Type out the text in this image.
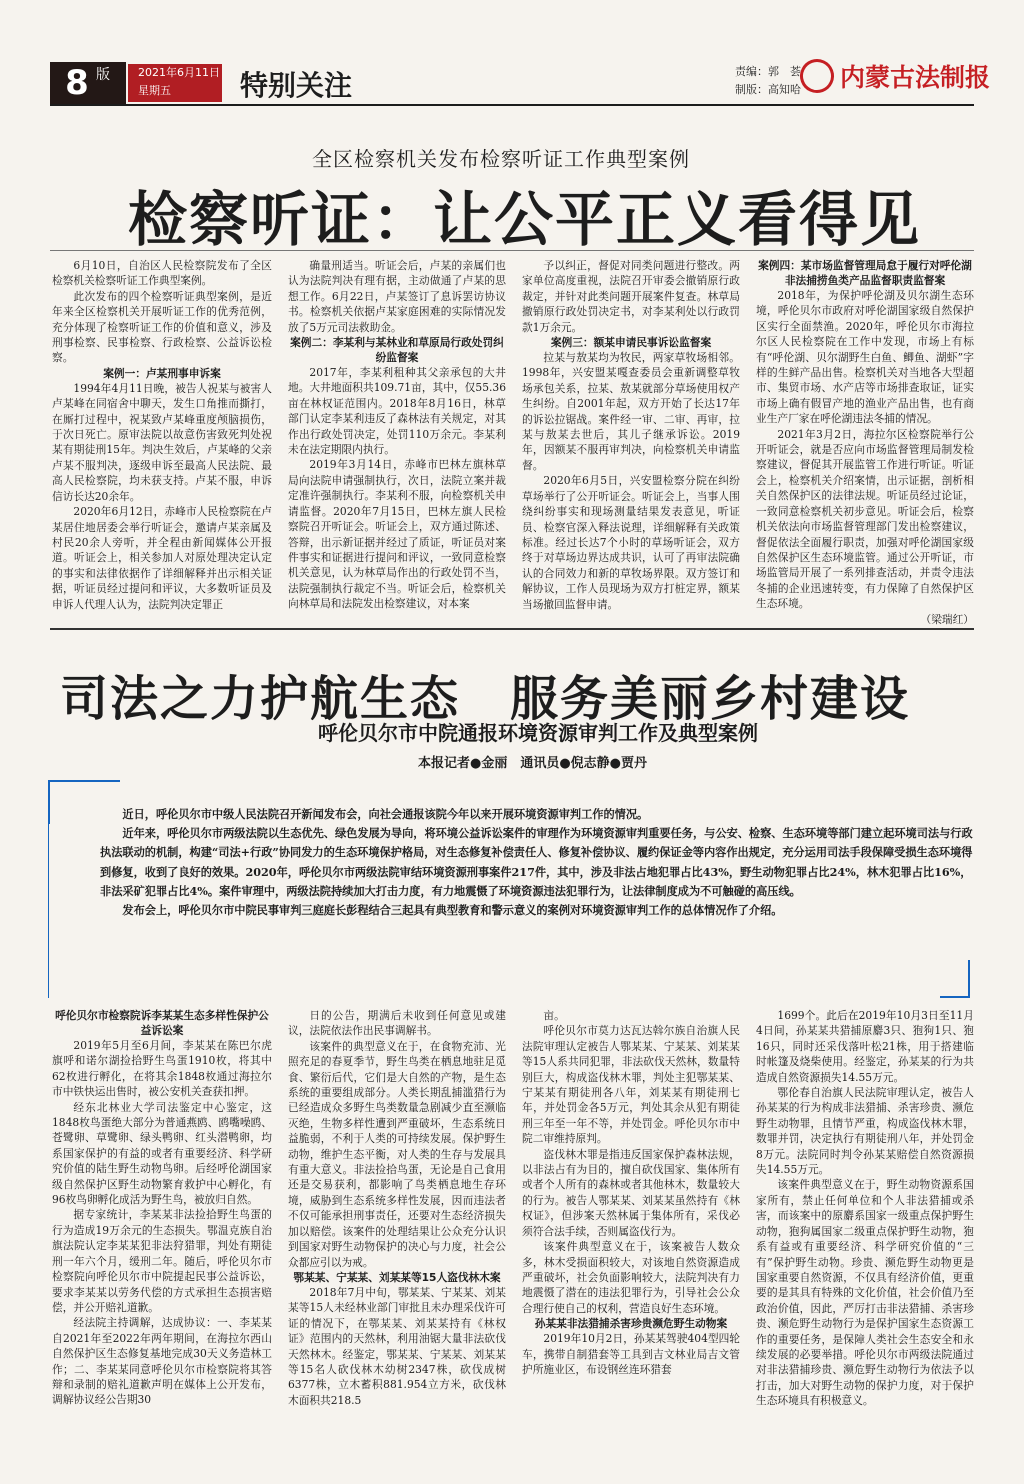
8 版	2021年6月11日
星期五	特别关注	责编：郭　荟
制版：高知哈 内蒙古法制报
全区检察机关发布检察听证工作典型案例
检察听证：让公平正义看得见

6月10日，自治区人民检察院发布了全区检察机关检察听证工作典型案例。

此次发布的四个检察听证典型案例，是近年来全区检察机关开展听证工作的优秀范例，充分体现了检察听证工作的价值和意义，涉及刑事检察、民事检察、行政检察、公益诉讼检察。

案例一：卢某刑事申诉案

1994年4月11日晚，被告人祝某与被害人卢某峰在同宿舍中聊天，发生口角推而撕打，在厮打过程中，祝某致卢某峰重度颅脑损伤，于次日死亡。原审法院以故意伤害致死判处祝某有期徒刑15年。判决生效后，卢某峰的父亲卢某不服判决，逐级申诉至最高人民法院、最高人民检察院，均未获支持。卢某不服，申诉信访长达20余年。

2020年6月12日，赤峰市人民检察院在卢某居住地居委会举行听证会，邀请卢某亲属及村民20余人旁听，并全程由新闻媒体公开报道。听证会上，相关参加人对原处理决定认定的事实和法律依据作了详细解释并出示相关证据，听证员经过提问和评议，大多数听证员及申诉人代理人认为，法院判决定罪正

确量刑适当。听证会后，卢某的亲属们也认为法院判决有理有据，主动做通了卢某的思想工作。6月22日，卢某签订了息诉罢访协议书。检察机关依据卢某家庭困难的实际情况发放了5万元司法救助金。

案例二：李某利与某林业和草原局行政处罚纠纷监督案

2017年，李某利租种其父亲承包的大井地。大井地面积共109.71亩，其中，仅55.36亩在林权证范围内。2018年8月16日，林草部门认定李某利违反了森林法有关规定，对其作出行政处罚决定，处罚110万余元。李某利未在法定期限内执行。

2019年3月14日，赤峰市巴林左旗林草局向法院申请强制执行，次日，法院立案并裁定准许强制执行。李某利不服，向检察机关申请监督。2020年7月15日，巴林左旗人民检察院召开听证会。听证会上，双方通过陈述、答辩，出示新证据并经过了质证，听证员对案件事实和证据进行提问和评议，一致同意检察机关意见，认为林草局作出的行政处罚不当，法院强制执行裁定不当。听证会后，检察机关向林草局和法院发出检察建议，对本案

予以纠正，督促对同类问题进行整改。两家单位高度重视，法院召开审委会撤销原行政裁定，并针对此类问题开展案件复查。林草局撤销原行政处罚决定书，对李某利处以行政罚款1万余元。

案例三：额某申请民事诉讼监督案

拉某与敖某均为牧民，两家草牧场相邻。1998年，兴安盟某嘎查委员会重新调整草牧场承包关系，拉某、敖某就部分草场使用权产生纠纷。自2001年起，双方开始了长达17年的诉讼拉锯战。案件经一审、二审、再审，拉某与敖某去世后，其儿子继承诉讼。2019年，因额某不服再审判决，向检察机关申请监督。

2020年6月5日，兴安盟检察分院在纠纷草场举行了公开听证会。听证会上，当事人围绕纠纷事实和现场测量结果发表意见，听证员、检察官深入释法说理，详细解释有关政策标准。经过长达7个小时的草场听证会，双方终于对草场边界达成共识，认可了再审法院确认的合同效力和新的草牧场界限。双方签订和解协议，工作人员现场为双方打桩定界，额某当场撤回监督申请。

案例四：某市场监督管理局怠于履行对呼伦湖非法捕捞鱼类产品监督职责监督案

2018年，为保护呼伦湖及贝尔湖生态环境，呼伦贝尔市政府对呼伦湖国家级自然保护区实行全面禁渔。2020年，呼伦贝尔市海拉尔区人民检察院在工作中发现，市场上有标有“呼伦湖、贝尔湖野生白鱼、鲫鱼、湖虾”字样的生鲜产品出售。检察机关对当地各大型超市、集贸市场、水产店等市场排查取证，证实市场上确有假冒产地的渔业产品出售，也有商业生产厂家在呼伦湖违法冬捕的情况。

2021年3月2日，海拉尔区检察院举行公开听证会，就是否应向市场监督管理局制发检察建议，督促其开展监管工作进行听证。听证会上，检察机关介绍案情，出示证据，剖析相关自然保护区的法律法规。听证员经过论证，一致同意检察机关初步意见。听证会后，检察机关依法向市场监督管理部门发出检察建议，督促依法全面履行职责，加强对呼伦湖国家级自然保护区生态环境监管。通过公开听证，市场监管局开展了一系列排查活动，并责令违法冬捕的企业迅速转变，有力保障了自然保护区生态环境。

（梁瑞红）

司法之力护航生态　服务美丽乡村建设
呼伦贝尔市中院通报环境资源审判工作及典型案例
本报记者●金丽　通讯员●倪志静●贾丹

近日，呼伦贝尔市中级人民法院召开新闻发布会，向社会通报该院今年以来开展环境资源审判工作的情况。

近年来，呼伦贝尔市两级法院以生态优先、绿色发展为导向，将环境公益诉讼案件的审理作为环境资源审判重要任务，与公安、检察、生态环境等部门建立起环境司法与行政执法联动的机制，构建“司法+行政”协同发力的生态环境保护格局，对生态修复补偿责任人、修复补偿协议、履约保证金等内容作出规定，充分运用司法手段保障受损生态环境得到修复，收到了良好的效果。2020年，呼伦贝尔市两级法院审结环境资源刑事案件217件，其中，涉及非法占地犯罪占比43%，野生动物犯罪占比24%，林木犯罪占比16%，非法采矿犯罪占比4%。案件审理中，两级法院持续加大打击力度，有力地震慑了环境资源违法犯罪行为，让法律制度成为不可触碰的高压线。

发布会上，呼伦贝尔市中院民事审判三庭庭长彭程结合三起具有典型教育和警示意义的案例对环境资源审判工作的总体情况作了介绍。

呼伦贝尔市检察院诉李某某生态多样性保护公益诉讼案

2019年5月至6月间，李某某在陈巴尔虎旗呼和诺尔湖捡拾野生鸟蛋1910枚，将其中62枚进行孵化，在将其余1848枚通过海拉尔市中铁快运出售时，被公安机关查获扣押。

经东北林业大学司法鉴定中心鉴定，这1848枚鸟蛋绝大部分为普通燕鸥、鸥嘴噪鸥、苍鹭卵、草鹭卵、绿头鸭卵、红头潜鸭卵，均系国家保护的有益的或者有重要经济、科学研究价值的陆生野生动物鸟卵。后经呼伦湖国家级自然保护区野生动物繁育救护中心孵化，有96枚鸟卵孵化成活为野生鸟，被放归自然。

据专家统计，李某某非法捡拾野生鸟蛋的行为造成19万余元的生态损失。鄂温克族自治旗法院认定李某某犯非法狩猎罪，判处有期徒刑一年六个月，缓刑二年。随后，呼伦贝尔市检察院向呼伦贝尔市中院提起民事公益诉讼，要求李某某以劳务代偿的方式承担生态损害赔偿，并公开赔礼道歉。

经法院主持调解，达成协议：一、李某某自2021年至2022年两年期间，在海拉尔西山自然保护区生态修复基地完成30天义务造林工作；二、李某某同意呼伦贝尔市检察院将其答辩和录制的赔礼道歉声明在媒体上公开发布，调解协议经公告期30

日的公告，期满后未收到任何意见或建议，法院依法作出民事调解书。

该案件的典型意义在于，在食物充沛、光照充足的春夏季节，野生鸟类在栖息地驻足觅食、繁衍后代，它们是大自然的产物，是生态系统的重要组成部分。人类长期乱捕滥猎行为已经造成众多野生鸟类数量急剧减少直至濒临灭绝，生物多样性遭到严重破坏，生态系统日益脆弱，不利于人类的可持续发展。保护野生动物，维护生态平衡，对人类的生存与发展具有重大意义。非法捡拾鸟蛋，无论是自己食用还是交易获利，都影响了鸟类栖息地生存环境，威胁到生态系统多样性发展，因而违法者不仅可能承担刑事责任，还要对生态经济损失加以赔偿。该案件的处理结果让公众充分认识到国家对野生动物保护的决心与力度，社会公众都应引以为戒。

鄂某某、宁某某、刘某某等15人盗伐林木案

2018年7月中旬，鄂某某、宁某某、刘某某等15人未经林业部门审批且未办理采伐许可证的情况下，在鄂某某、刘某某持有《林权证》范围内的天然林，利用油锯大量非法砍伐天然林木。经鉴定，鄂某某、宁某某、刘某某等15名人砍伐林木幼树2347株，砍伐成树6377株，立木蓄积881.954立方米，砍伐林木面积共218.5

亩。

呼伦贝尔市莫力达瓦达斡尔族自治旗人民法院审理认定被告人鄂某某、宁某某、刘某某等15人系共同犯罪，非法砍伐天然林，数量特别巨大，构成盗伐林木罪，判处主犯鄂某某、宁某某有期徒刑各八年，刘某某有期徒刑七年，并处罚金各5万元，判处其余从犯有期徒刑三年至一年不等，并处罚金。呼伦贝尔市中院二审维持原判。

盗伐林木罪是指违反国家保护森林法规，以非法占有为目的，擅自砍伐国家、集体所有或者个人所有的森林或者其他林木，数量较大的行为。被告人鄂某某、刘某某虽然持有《林权证》，但涉案天然林属于集体所有，采伐必须符合法手续，否则属盗伐行为。

该案件典型意义在于，该案被告人数众多，林木受损面积较大，对该地自然资源造成严重破坏，社会负面影响较大，法院判决有力地震慑了潜在的违法犯罪行为，引导社会公众合理行使自己的权利，营造良好生态环境。

孙某某非法猎捕杀害珍贵濒危野生动物案

2019年10月2日，孙某某驾驶404型四轮车，携带自制猎套等工具到吉文林业局吉文管护所施业区，布设钢丝连环猎套

1699个。此后在2019年10月3日至11月4日间，孙某某共猎捕原麝3只、狍狗1只、狍16只，同时还采伐落叶松21株，用于搭建临时帐篷及烧柴使用。经鉴定，孙某某的行为共造成自然资源损失14.55万元。

鄂伦春自治旗人民法院审理认定，被告人孙某某的行为构成非法猎捕、杀害珍贵、濒危野生动物罪，且情节严重，构成盗伐林木罪，数罪并罚，决定执行有期徒刑八年，并处罚金8万元。法院同时判令孙某某赔偿自然资源损失14.55万元。

该案件典型意义在于，野生动物资源系国家所有，禁止任何单位和个人非法猎捕或杀害，而该案中的原麝系国家一级重点保护野生动物，狍狗属国家二级重点保护野生动物，狍系有益或有重要经济、科学研究价值的“三有”保护野生动物。珍贵、濒危野生动物更是国家重要自然资源，不仅具有经济价值，更重要的是其具有特殊的文化价值，社会价值乃至政治价值，因此，严厉打击非法猎捕、杀害珍贵、濒危野生动物行为是保护国家生态资源工作的重要任务，是保障人类社会生态安全和永续发展的必要举措。呼伦贝尔市两级法院通过对非法猎捕珍贵、濒危野生动物行为依法予以打击，加大对野生动物的保护力度，对于保护生态环境具有积极意义。
